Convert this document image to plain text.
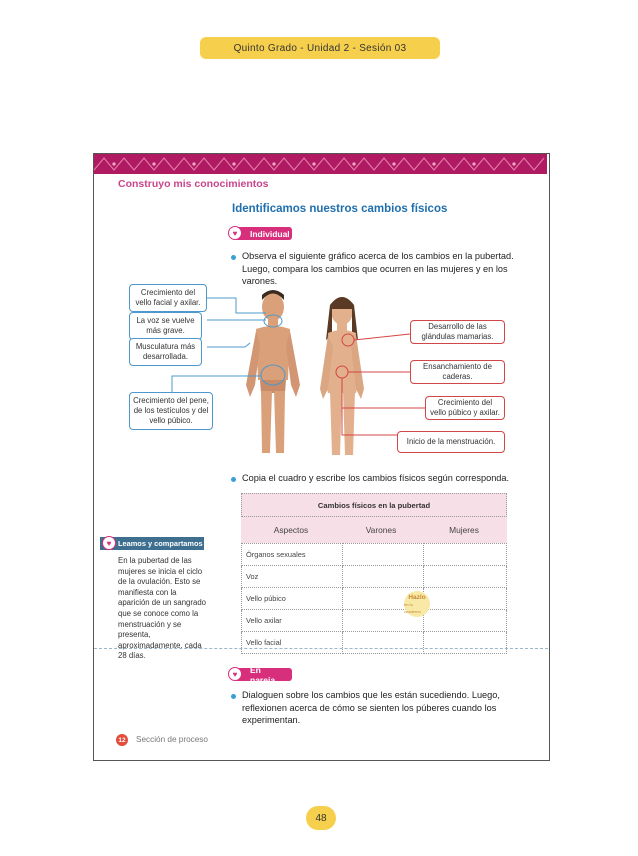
Quinto Grado - Unidad 2 - Sesión 03
Construyo mis conocimientos
Identificamos nuestros cambios físicos
Individual
♥
Observa el siguiente gráfico acerca de los cambios en la pubertad. Luego, compara los cambios que ocurren en las mujeres y en los varones.
Crecimiento del vello facial y axilar.
La voz se vuelve más grave.
Musculatura más desarrollada.
Crecimiento del pene, de los testículos y del vello púbico.
Desarrollo de las glándulas mamarias.
Ensanchamiento de caderas.
Crecimiento del vello púbico y axilar.
Inicio de la menstruación.
Copia el cuadro y escribe los cambios físicos según corresponda.
Cambios físicos en la pubertad
Aspectos	Varones	Mujeres
Órganos sexuales		
Voz		
Vello púbico		
Vello axilar		
Vello facial		
Hazlo
en tu cuaderno
Leamos y compartamos
♥
En la pubertad de las mujeres se inicia el ciclo de la ovulación. Esto se manifiesta con la aparición de un sangrado que se conoce como la menstruación y se presenta, aproximadamente, cada 28 días.
En pareja
♥
Dialoguen sobre los cambios que les están sucediendo. Luego, reflexionen acerca de cómo se sienten los púberes cuando los experimentan.
12 Sección de proceso
48
